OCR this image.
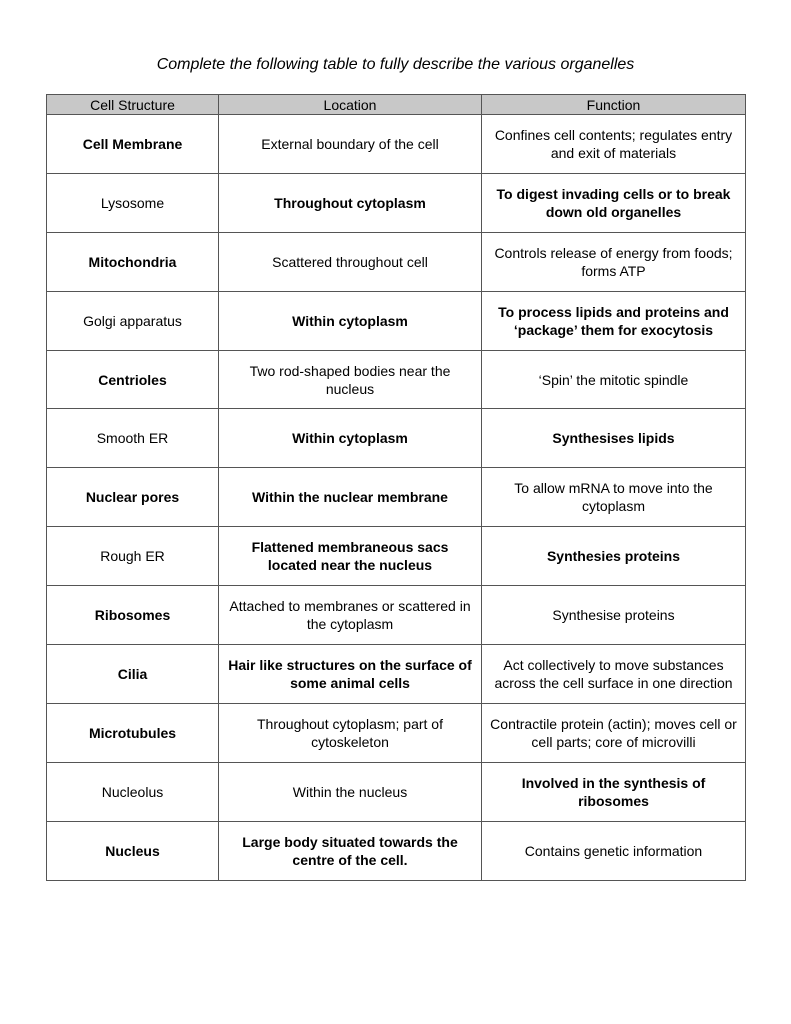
Complete the following table to fully describe the various organelles
Cell Structure	Location	Function
Cell Membrane	External boundary of the cell	Confines cell contents; regulates entry and exit of materials
Lysosome	Throughout cytoplasm	To digest invading cells or to break down old organelles
Mitochondria	Scattered throughout cell	Controls release of energy from foods; forms ATP
Golgi apparatus	Within cytoplasm	To process lipids and proteins and ‘package’ them for exocytosis
Centrioles	Two rod-shaped bodies near the nucleus	‘Spin’ the mitotic spindle
Smooth ER	Within cytoplasm	Synthesises lipids
Nuclear pores	Within the nuclear membrane	To allow mRNA to move into the cytoplasm
Rough ER	Flattened membraneous sacs located near the nucleus	Synthesies proteins
Ribosomes	Attached to membranes or scattered in the cytoplasm	Synthesise proteins
Cilia	Hair like structures on the surface of some animal cells	Act collectively to move substances across the cell surface in one direction
Microtubules	Throughout cytoplasm; part of cytoskeleton	Contractile protein (actin); moves cell or cell parts; core of microvilli
Nucleolus	Within the nucleus	Involved in the synthesis of ribosomes
Nucleus	Large body situated towards the centre of the cell.	Contains genetic information
